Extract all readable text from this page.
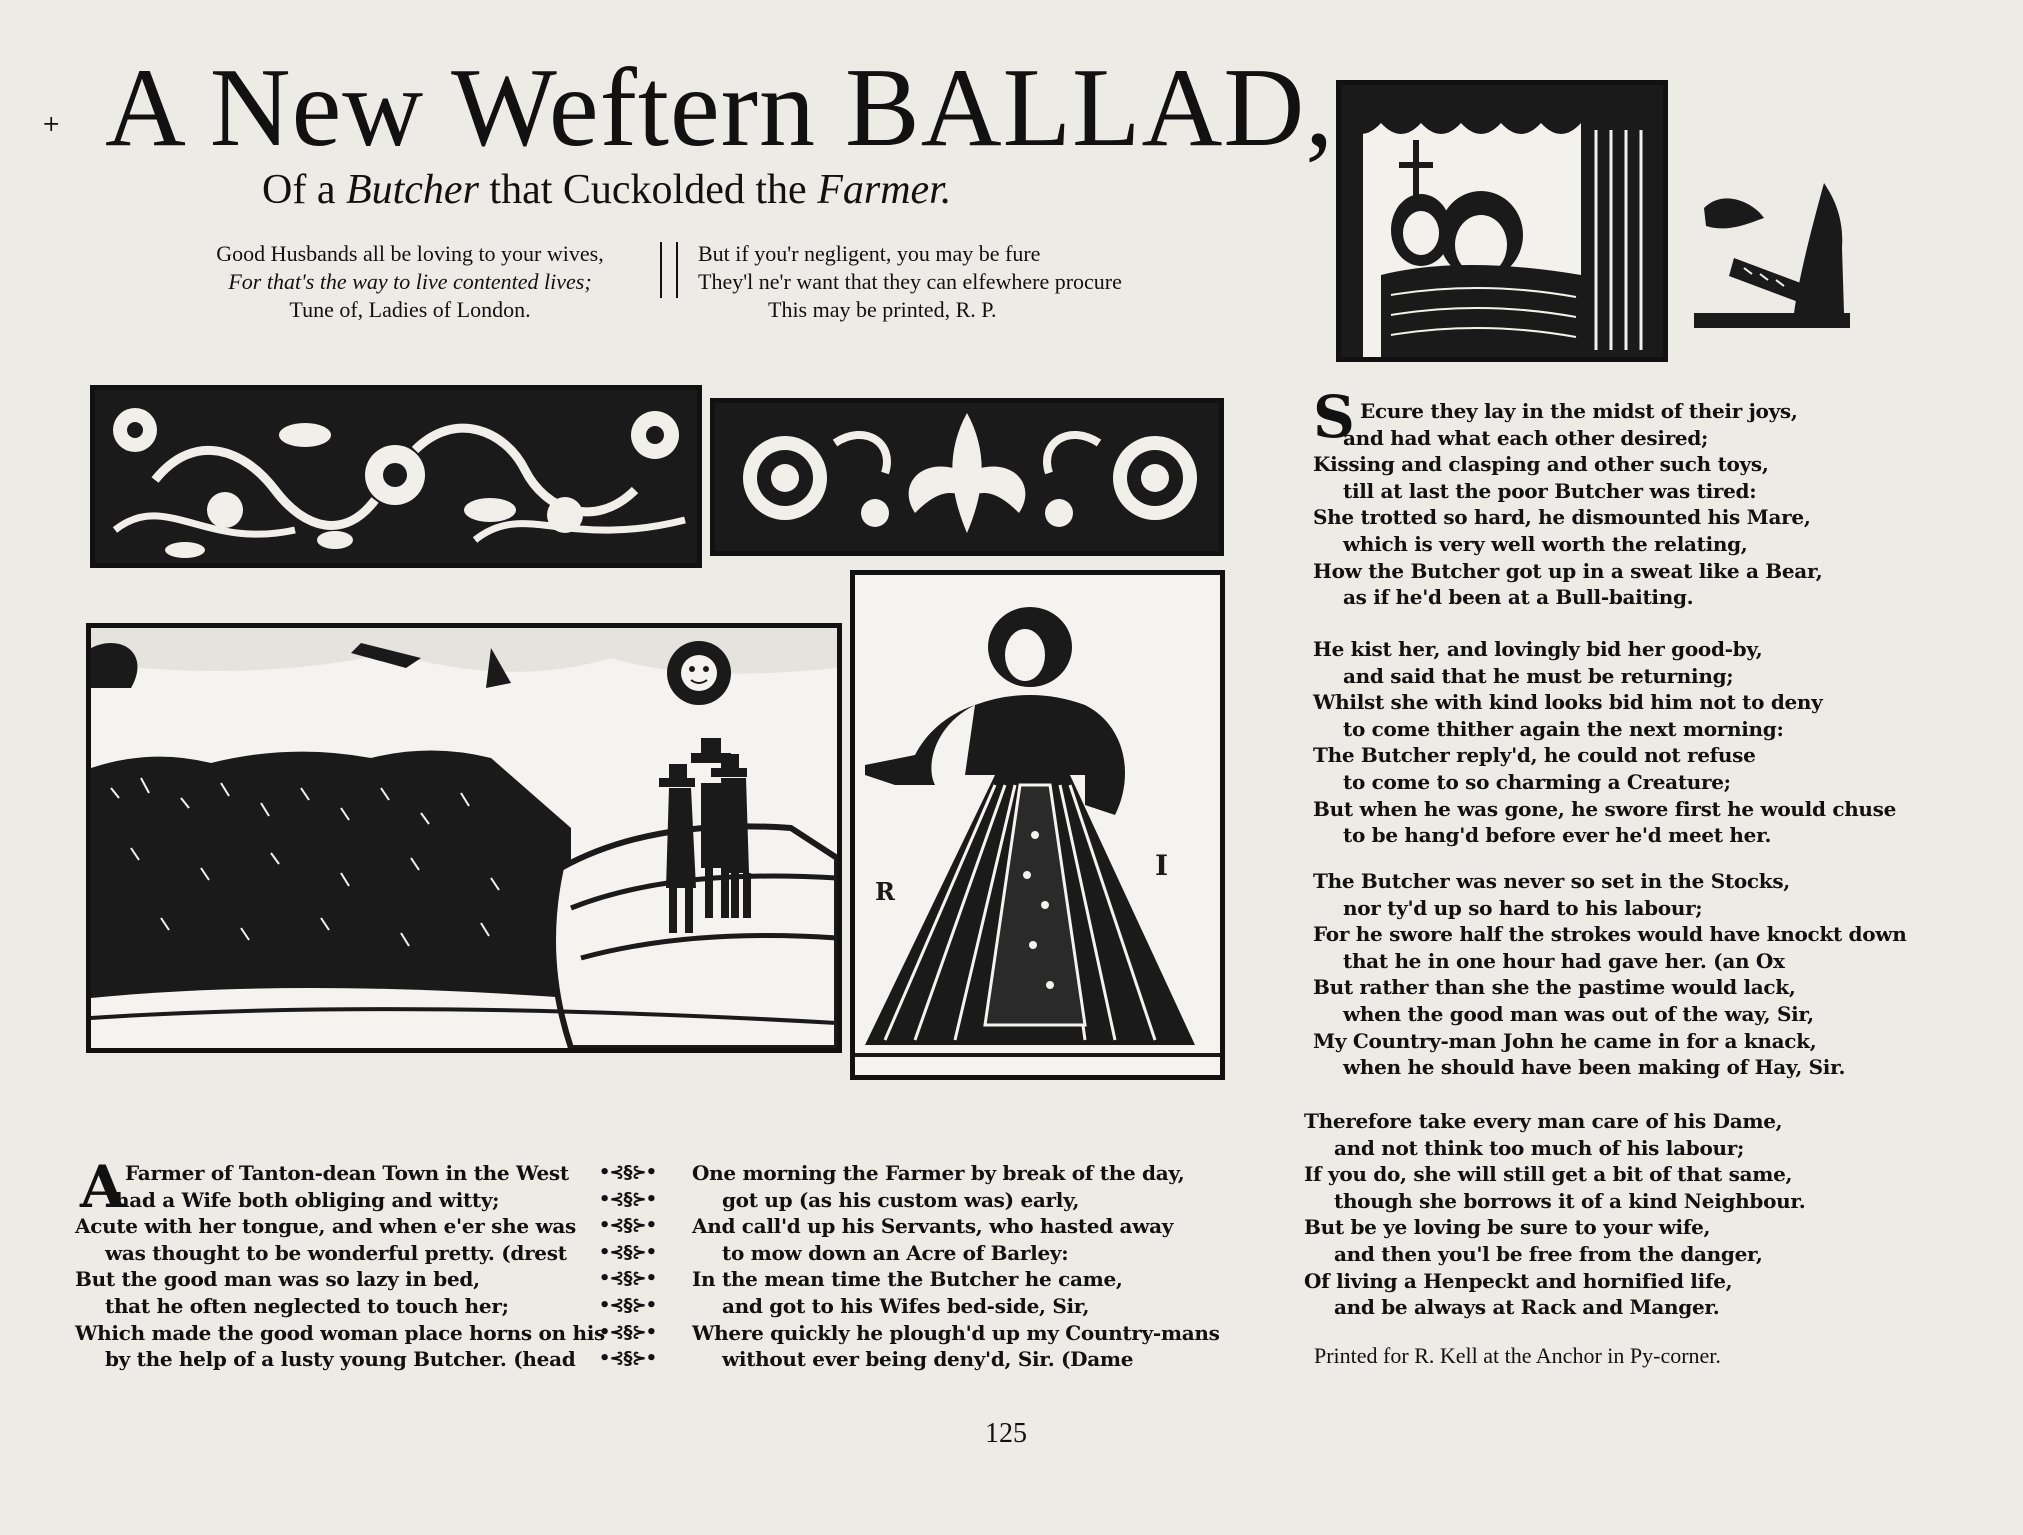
+ A New Weftern BALLAD,
Of a Butcher that Cuckolded the Farmer.
Good Husbands all be loving to your wives,
For that's the way to live contented lives;
Tune of, Ladies of London.
But if you'r negligent, you may be fure
They'l ne'r want that they can elfewhere procure
This may be printed, R. P.
R
I
S Ecure they lay in the midst of their joys,
and had what each other desired;
Kissing and clasping and other such toys,
till at last the poor Butcher was tired:
She trotted so hard, he dismounted his Mare,
which is very well worth the relating,
How the Butcher got up in a sweat like a Bear,
as if he'd been at a Bull-baiting.
He kist her, and lovingly bid her good-by,
and said that he must be returning;
Whilst she with kind looks bid him not to deny
to come thither again the next morning:
The Butcher reply'd, he could not refuse
to come to so charming a Creature;
But when he was gone, he swore first he would chuse
to be hang'd before ever he'd meet her.
The Butcher was never so set in the Stocks,
nor ty'd up so hard to his labour;
For he swore half the strokes would have knockt down
that he in one hour had gave her. (an Ox
But rather than she the pastime would lack,
when the good man was out of the way, Sir,
My Country-man John he came in for a knack,
when he should have been making of Hay, Sir.
Therefore take every man care of his Dame,
and not think too much of his labour;
If you do, she will still get a bit of that same,
though she borrows it of a kind Neighbour.
But be ye loving be sure to your wife,
and then you'l be free from the danger,
Of living a Henpeckt and hornified life,
and be always at Rack and Manger.
Printed for R. Kell at the Anchor in Py-corner.
A Farmer of Tanton-dean Town in the West
had a Wife both obliging and witty;
Acute with her tongue, and when e'er she was
was thought to be wonderful pretty. (drest
But the good man was so lazy in bed,
that he often neglected to touch her;
Which made the good woman place horns on his
by the help of a lusty young Butcher. (head
•⊰§⊱•
•⊰§⊱•
•⊰§⊱•
•⊰§⊱•
•⊰§⊱•
•⊰§⊱•
•⊰§⊱•
•⊰§⊱•
One morning the Farmer by break of the day,
got up (as his custom was) early,
And call'd up his Servants, who hasted away
to mow down an Acre of Barley:
In the mean time the Butcher he came,
and got to his Wifes bed-side, Sir,
Where quickly he plough'd up my Country-mans
without ever being deny'd, Sir. (Dame
125
